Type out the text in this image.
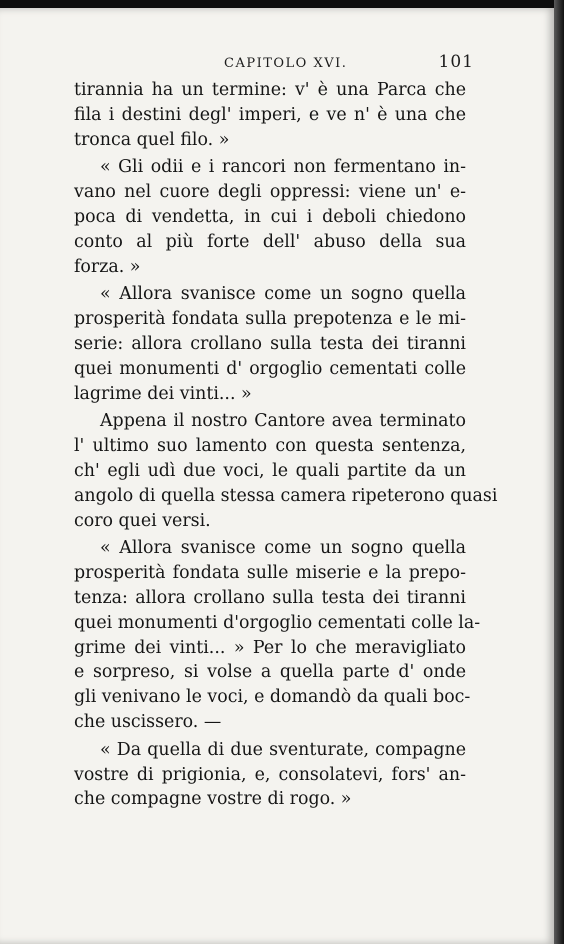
CAPITOLO XVI.	101

tirannia ha un termine: v' è una Parca che
fila i destini degl' imperi, e ve n' è una che
tronca quel filo. »

« Gli odii e i rancori non fermentano in-
vano nel cuore degli oppressi: viene un' e-
poca di vendetta, in cui i deboli chiedono
conto al più forte dell' abuso della sua
forza. »

« Allora svanisce come un sogno quella
prosperità fondata sulla prepotenza e le mi-
serie: allora crollano sulla testa dei tiranni
quei monumenti d' orgoglio cementati colle
lagrime dei vinti... »

Appena il nostro Cantore avea terminato
l' ultimo suo lamento con questa sentenza,
ch' egli udì due voci, le quali partite da un
angolo di quella stessa camera ripeterono quasi
coro quei versi.

« Allora svanisce come un sogno quella
prosperità fondata sulle miserie e la prepo-
tenza: allora crollano sulla testa dei tiranni
quei monumenti d'orgoglio cementati colle la-
grime dei vinti... » Per lo che meravigliato
e sorpreso, si volse a quella parte d' onde
gli venivano le voci, e domandò da quali boc-
che uscissero. —

« Da quella di due sventurate, compagne
vostre di prigionia, e, consolatevi, fors' an-
che compagne vostre di rogo. »
